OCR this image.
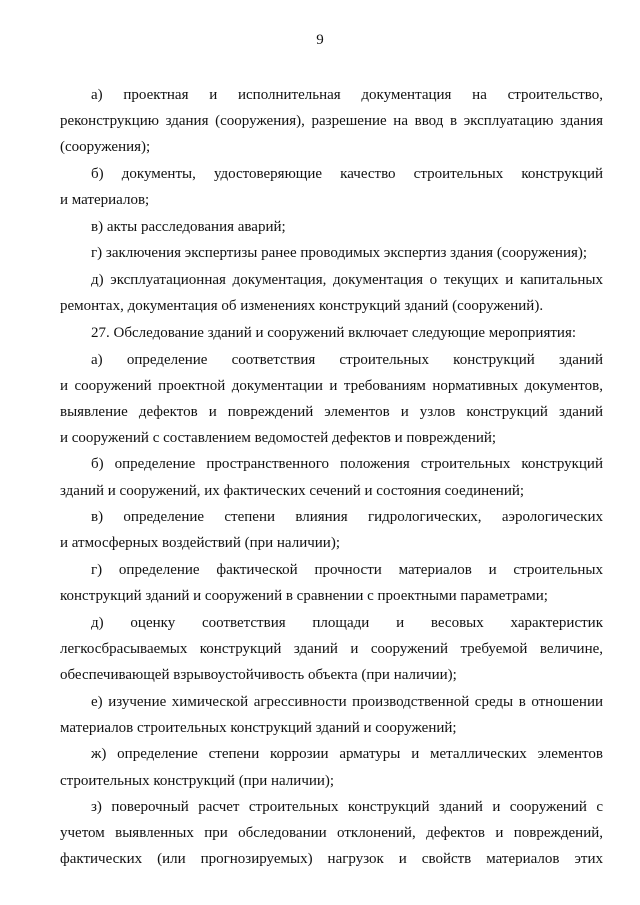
9
а) проектная и исполнительная документация на строительство,
реконструкцию здания (сооружения), разрешение на ввод в эксплуатацию здания
(сооружения);
б) документы, удостоверяющие качество строительных конструкций
и материалов;
в) акты расследования аварий;
г) заключения экспертизы ранее проводимых экспертиз здания (сооружения);
д) эксплуатационная документация, документация о текущих и капитальных
ремонтах, документация об изменениях конструкций зданий (сооружений).
27. Обследование зданий и сооружений включает следующие мероприятия:
а) определение соответствия строительных конструкций зданий
и сооружений проектной документации и требованиям нормативных документов,
выявление дефектов и повреждений элементов и узлов конструкций зданий
и сооружений с составлением ведомостей дефектов и повреждений;
б) определение пространственного положения строительных конструкций
зданий и сооружений, их фактических сечений и состояния соединений;
в) определение степени влияния гидрологических, аэрологических
и атмосферных воздействий (при наличии);
г) определение фактической прочности материалов и строительных
конструкций зданий и сооружений в сравнении с проектными параметрами;
д) оценку соответствия площади и весовых характеристик
легкосбрасываемых конструкций зданий и сооружений требуемой величине,
обеспечивающей взрывоустойчивость объекта (при наличии);
е) изучение химической агрессивности производственной среды в отношении
материалов строительных конструкций зданий и сооружений;
ж) определение степени коррозии арматуры и металлических элементов
строительных конструкций (при наличии);
з) поверочный расчет строительных конструкций зданий и сооружений с
учетом выявленных при обследовании отклонений, дефектов и повреждений,
фактических (или прогнозируемых) нагрузок и свойств материалов этих
